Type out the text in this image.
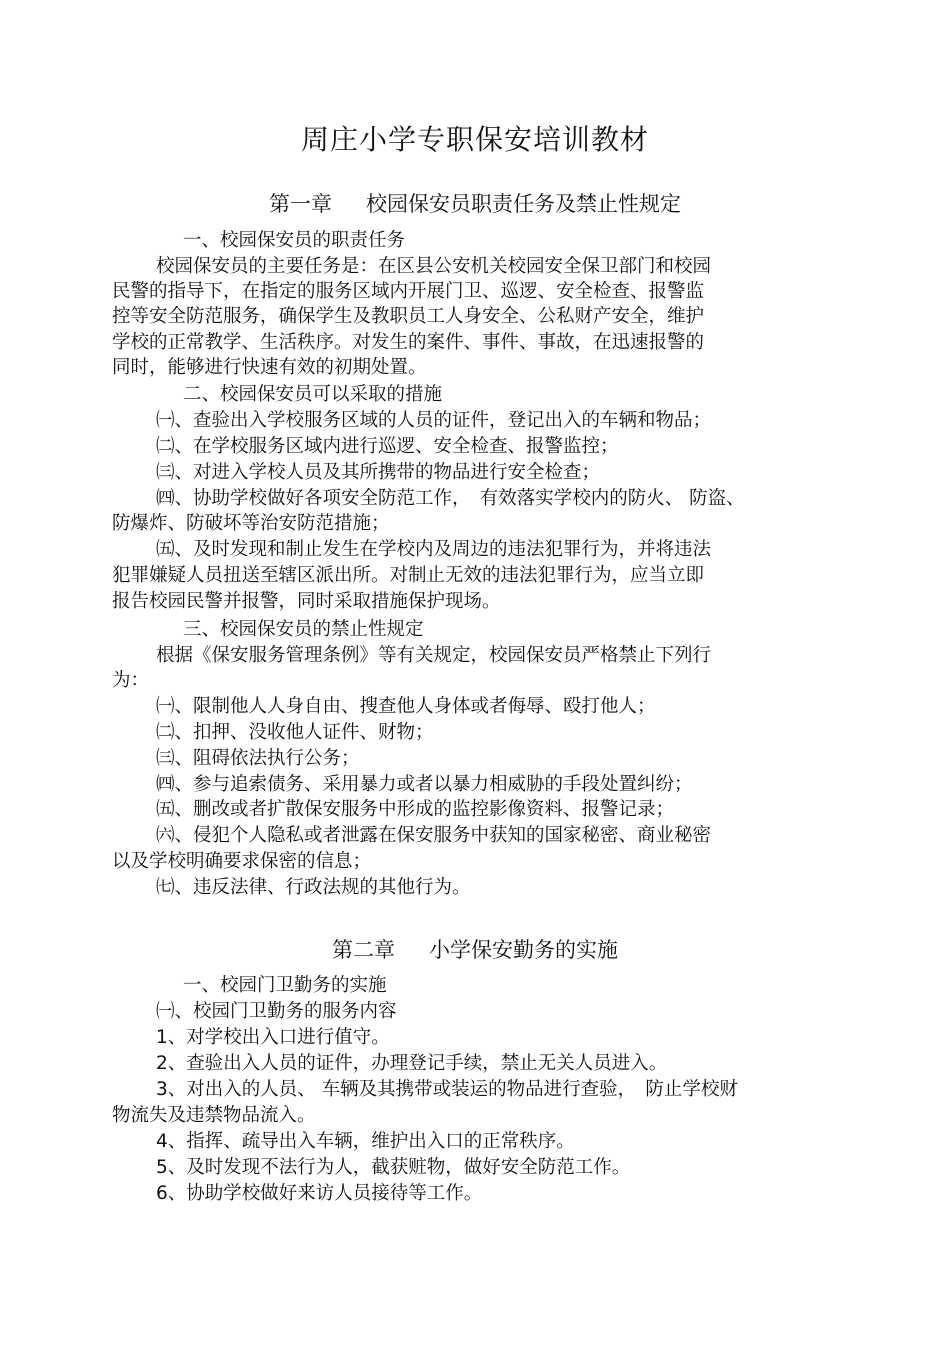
周庄小学专职保安培训教材
第一章 校园保安员职责任务及禁止性规定
一、校园保安员的职责任务
校园保安员的主要任务是：在区县公安机关校园安全保卫部门和校园
民警的指导下，在指定的服务区域内开展门卫、巡逻、安全检查、报警监
控等安全防范服务，确保学生及教职员工人身安全、公私财产安全，维护
学校的正常教学、生活秩序。对发生的案件、事件、事故，在迅速报警的
同时，能够进行快速有效的初期处置。
二、校园保安员可以采取的措施
㈠、查验出入学校服务区域的人员的证件，登记出入的车辆和物品；
㈡、在学校服务区域内进行巡逻、安全检查、报警监控；
㈢、对进入学校人员及其所携带的物品进行安全检查；
㈣、协助学校做好各项安全防范工作，　有效落实学校内的防火、 防盗、
防爆炸、防破坏等治安防范措施；
㈤、及时发现和制止发生在学校内及周边的违法犯罪行为，并将违法
犯罪嫌疑人员扭送至辖区派出所。对制止无效的违法犯罪行为，应当立即
报告校园民警并报警，同时采取措施保护现场。
三、校园保安员的禁止性规定
根据《保安服务管理条例》等有关规定，校园保安员严格禁止下列行
为：
㈠、限制他人人身自由、搜查他人身体或者侮辱、殴打他人；
㈡、扣押、没收他人证件、财物；
㈢、阻碍依法执行公务；
㈣、参与追索债务、采用暴力或者以暴力相威胁的手段处置纠纷；
㈤、删改或者扩散保安服务中形成的监控影像资料、报警记录；
㈥、侵犯个人隐私或者泄露在保安服务中获知的国家秘密、商业秘密
以及学校明确要求保密的信息；
㈦、违反法律、行政法规的其他行为。
第二章 小学保安勤务的实施
一、校园门卫勤务的实施
㈠、校园门卫勤务的服务内容
1、对学校出入口进行值守。
2、查验出入人员的证件，办理登记手续，禁止无关人员进入。
3、对出入的人员、 车辆及其携带或装运的物品进行查验，　防止学校财
物流失及违禁物品流入。
4、指挥、疏导出入车辆，维护出入口的正常秩序。
5、及时发现不法行为人，截获赃物，做好安全防范工作。
6、协助学校做好来访人员接待等工作。
